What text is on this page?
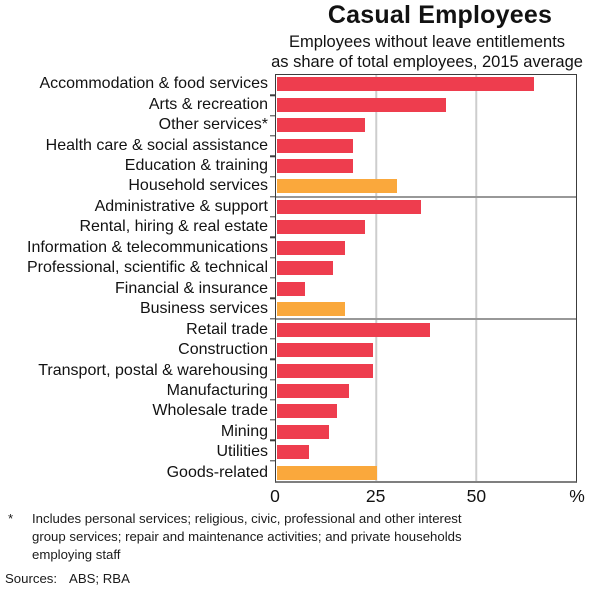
Casual Employees
Employees without leave entitlements
as share of total employees, 2015 average
Accommodation & food services
Arts & recreation
Other services*
Health care & social assistance
Education & training
Household services
Administrative & support
Rental, hiring & real estate
Information & telecommunications
Professional, scientific & technical
Financial & insurance
Business services
Retail trade
Construction
Transport, postal & warehousing
Manufacturing
Wholesale trade
Mining
Utilities
Goods-related
0	25	50	%
*	Includes personal services; religious, civic, professional and other interest
group services; repair and maintenance activities; and private households
employing staff
Sources: ABS; RBA
